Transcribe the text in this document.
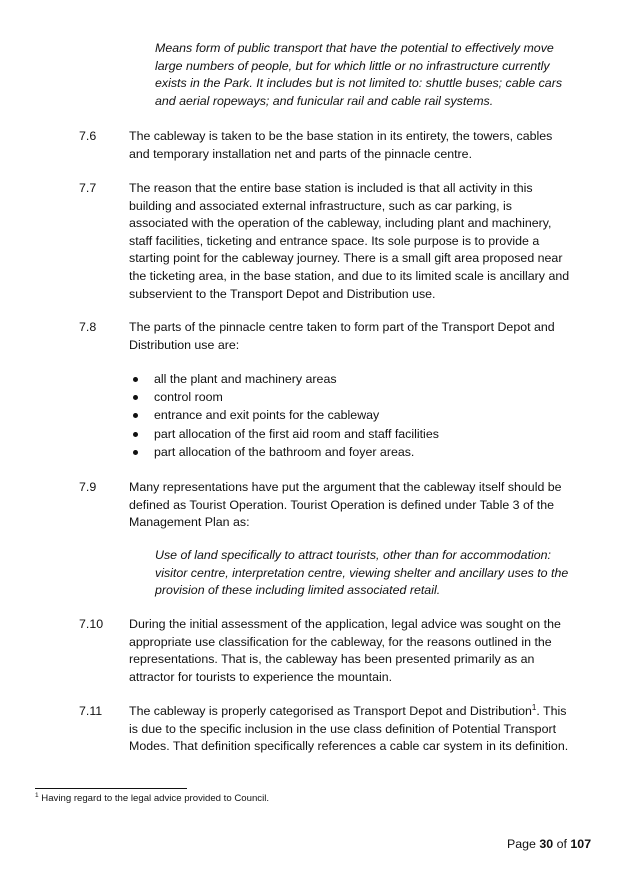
Means form of public transport that have the potential to effectively move
large numbers of people, but for which little or no infrastructure currently
exists in the Park. It includes but is not limited to: shuttle buses; cable cars
and aerial ropeways; and funicular rail and cable rail systems.
7.6	The cableway is taken to be the base station in its entirety, the towers, cables
and temporary installation net and parts of the pinnacle centre.
7.7	The reason that the entire base station is included is that all activity in this
building and associated external infrastructure, such as car parking, is
associated with the operation of the cableway, including plant and machinery,
staff facilities, ticketing and entrance space. Its sole purpose is to provide a
starting point for the cableway journey. There is a small gift area proposed near
the ticketing area, in the base station, and due to its limited scale is ancillary and
subservient to the Transport Depot and Distribution use.
7.8	The parts of the pinnacle centre taken to form part of the Transport Depot and
Distribution use are:
all the plant and machinery areas
control room
entrance and exit points for the cableway
part allocation of the first aid room and staff facilities
part allocation of the bathroom and foyer areas.
7.9	Many representations have put the argument that the cableway itself should be
defined as Tourist Operation. Tourist Operation is defined under Table 3 of the
Management Plan as:
Use of land specifically to attract tourists, other than for accommodation:
visitor centre, interpretation centre, viewing shelter and ancillary uses to the
provision of these including limited associated retail.
7.10 During the initial assessment of the application, legal advice was sought on the
appropriate use classification for the cableway, for the reasons outlined in the
representations. That is, the cableway has been presented primarily as an
attractor for tourists to experience the mountain.
7.11 The cableway is properly categorised as Transport Depot and Distribution$^1$. This
is due to the specific inclusion in the use class definition of Potential Transport
Modes. That definition specifically references a cable car system in its definition.
$^1$ Having regard to the legal advice provided to Council.
Page 30 of 107
